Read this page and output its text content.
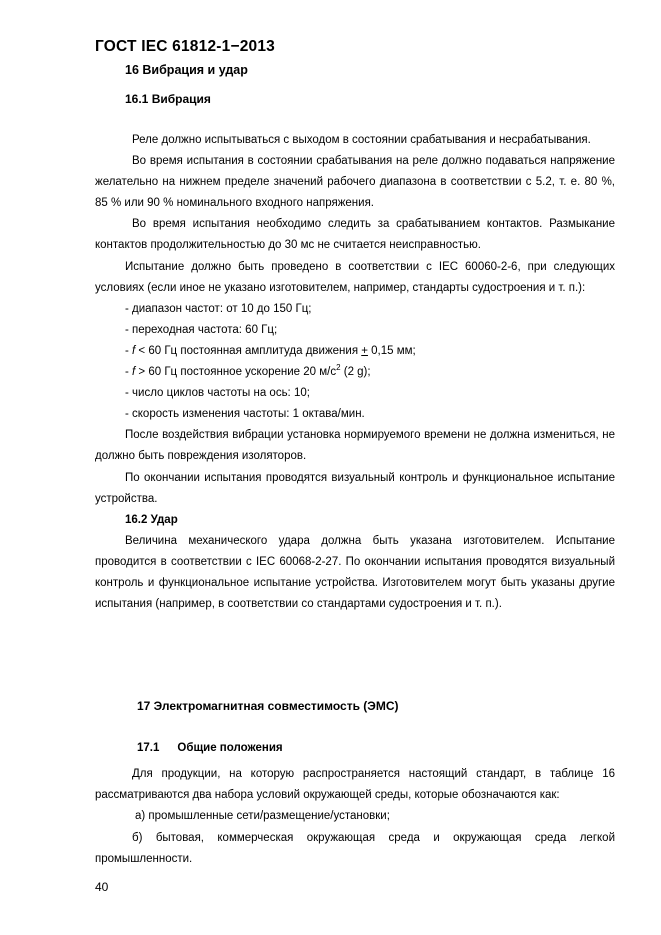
ГОСТ IEC 61812-1−2013
16 Вибрация и удар
16.1 Вибрация

Реле должно испытываться с выходом в состоянии срабатывания и несрабатывания.

Во время испытания в состоянии срабатывания на реле должно подаваться напряжение желательно на нижнем пределе значений рабочего диапазона в соответствии с 5.2, т. е. 80 %, 85 % или 90 % номинального входного напряжения.

Во время испытания необходимо следить за срабатыванием контактов. Размыкание контактов продолжительностью до 30 мс не считается неисправностью.

Испытание должно быть проведено в соответствии с IEC 60060-2-6, при следующих условиях (если иное не указано изготовителем, например, стандарты судостроения и т. п.):

- диапазон частот: от 10 до 150 Гц;

- переходная частота: 60 Гц;

- f < 60 Гц постоянная амплитуда движения + 0,15 мм;

- f > 60 Гц постоянное ускорение 20 $м/с^2$ (2 g);

- число циклов частоты на ось: 10;

- скорость изменения частоты: 1 октава/мин.

После воздействия вибрации установка нормируемого времени не должна измениться, не должно быть повреждения изоляторов.

По окончании испытания проводятся визуальный контроль и функциональное испытание устройства.

16.2 Удар

Величина механического удара должна быть указана изготовителем. Испытание проводится в соответствии с IEC 60068-2-27. По окончании испытания проводятся визуальный контроль и функциональное испытание устройства. Изготовителем могут быть указаны другие испытания (например, в соответствии со стандартами судостроения и т. п.).

17 Электромагнитная совместимость (ЭМС)
17.1 Общие положения

Для продукции, на которую распространяется настоящий стандарт, в таблице 16 рассматриваются два набора условий окружающей среды, которые обозначаются как:

а) промышленные сети/размещение/установки;

б) бытовая, коммерческая окружающая среда и окружающая среда легкой промышленности.

40
